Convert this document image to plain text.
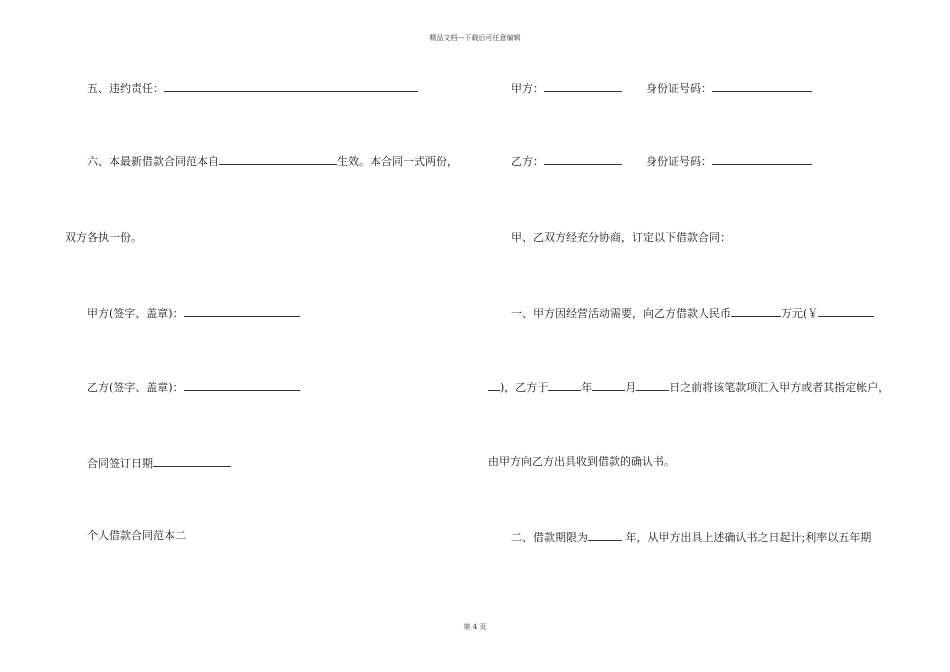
精品文档---下载后可任意编辑
五、违约责任：
六、本最新借款合同范本自	生效。本合同一式两份，
双方各执一份。
甲方(签字、盖章)：
乙方(签字、盖章)：
合同签订日期
个人借款合同范本二
甲方：	身份证号码：
乙方：	身份证号码：
甲、乙双方经充分协商，订定以下借款合同：
一、甲方因经营活动需要，向乙方借款人民币	万元(￥
)，乙方于	年	月	日之前将该笔款项汇入甲方或者其指定帐户，
由甲方向乙方出具收到借款的确认书。
二、借款期限为	年，从甲方出具上述确认书之日起计;利率以五年期
第 4 页
